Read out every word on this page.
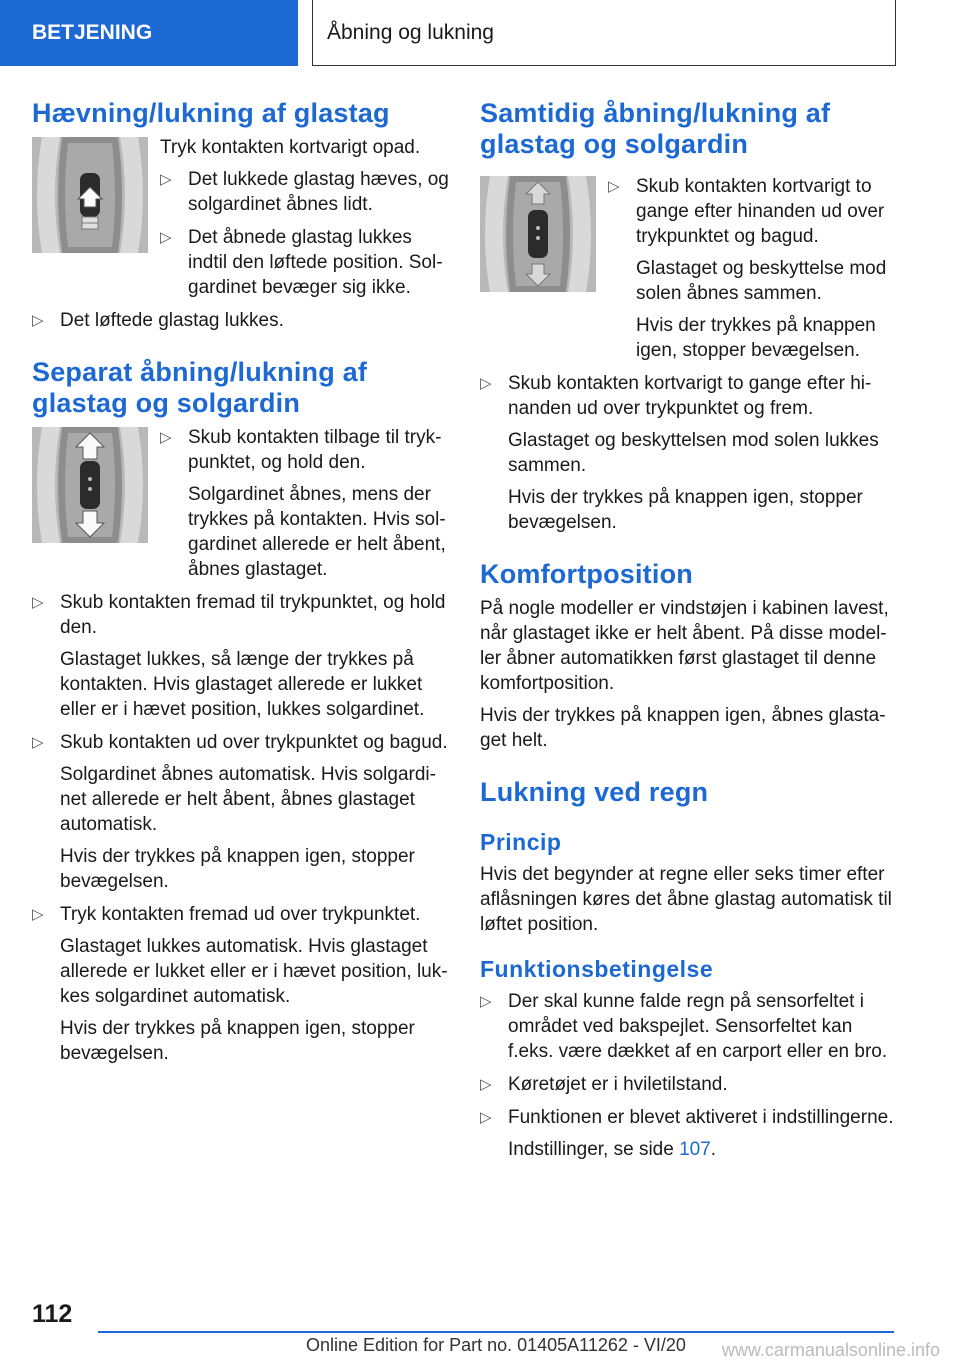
BETJENING	Åbning og lukning
Hævning/lukning af glastag

Tryk kontakten kortvarigt opad.

▷ Det lukkede glastag hæves, og solgardinet åbnes lidt.

▷ Det åbnede glastag lukkes indtil den løftede position. Sol-gardinet bevæger sig ikke.

▷ Det løftede glastag lukkes.

Separat åbning/lukning af glastag og solgardin
▷ Skub kontakten tilbage til tryk-punktet, og hold den.

Solgardinet åbnes, mens der trykkes på kontakten. Hvis sol-gardinet allerede er helt åbent, åbnes glastaget.

▷ Skub kontakten fremad til trykpunktet, og hold den.

Glastaget lukkes, så længe der trykkes på kontakten. Hvis glastaget allerede er lukket eller er i hævet position, lukkes solgardinet.

▷ Skub kontakten ud over trykpunktet og bagud.

Solgardinet åbnes automatisk. Hvis solgardi-net allerede er helt åbent, åbnes glastaget automatisk.

Hvis der trykkes på knappen igen, stopper bevægelsen.

▷ Tryk kontakten fremad ud over trykpunktet.

Glastaget lukkes automatisk. Hvis glastaget allerede er lukket eller er i hævet position, luk-kes solgardinet automatisk.

Hvis der trykkes på knappen igen, stopper bevægelsen.

Samtidig åbning/lukning af glastag og solgardin
▷ Skub kontakten kortvarigt to gange efter hinanden ud over trykpunktet og bagud.

Glastaget og beskyttelse mod solen åbnes sammen.

Hvis der trykkes på knappen igen, stopper bevægelsen.

▷ Skub kontakten kortvarigt to gange efter hi-nanden ud over trykpunktet og frem.

Glastaget og beskyttelsen mod solen lukkes sammen.

Hvis der trykkes på knappen igen, stopper bevægelsen.

Komfortposition

På nogle modeller er vindstøjen i kabinen lavest, når glastaget ikke er helt åbent. På disse model-ler åbner automatikken først glastaget til denne komfortposition.

Hvis der trykkes på knappen igen, åbnes glasta-get helt.

Lukning ved regn
Princip

Hvis det begynder at regne eller seks timer efter aflåsningen køres det åbne glastag automatisk til løftet position.

Funktionsbetingelse
▷ Der skal kunne falde regn på sensorfeltet i området ved bakspejlet. Sensorfeltet kan f.eks. være dækket af en carport eller en bro.

▷ Køretøjet er i hviletilstand.

▷ Funktionen er blevet aktiveret i indstillingerne.

Indstillinger, se side 107.

112
Online Edition for Part no. 01405A11262 - VI/20 www.carmanualsonline.info
